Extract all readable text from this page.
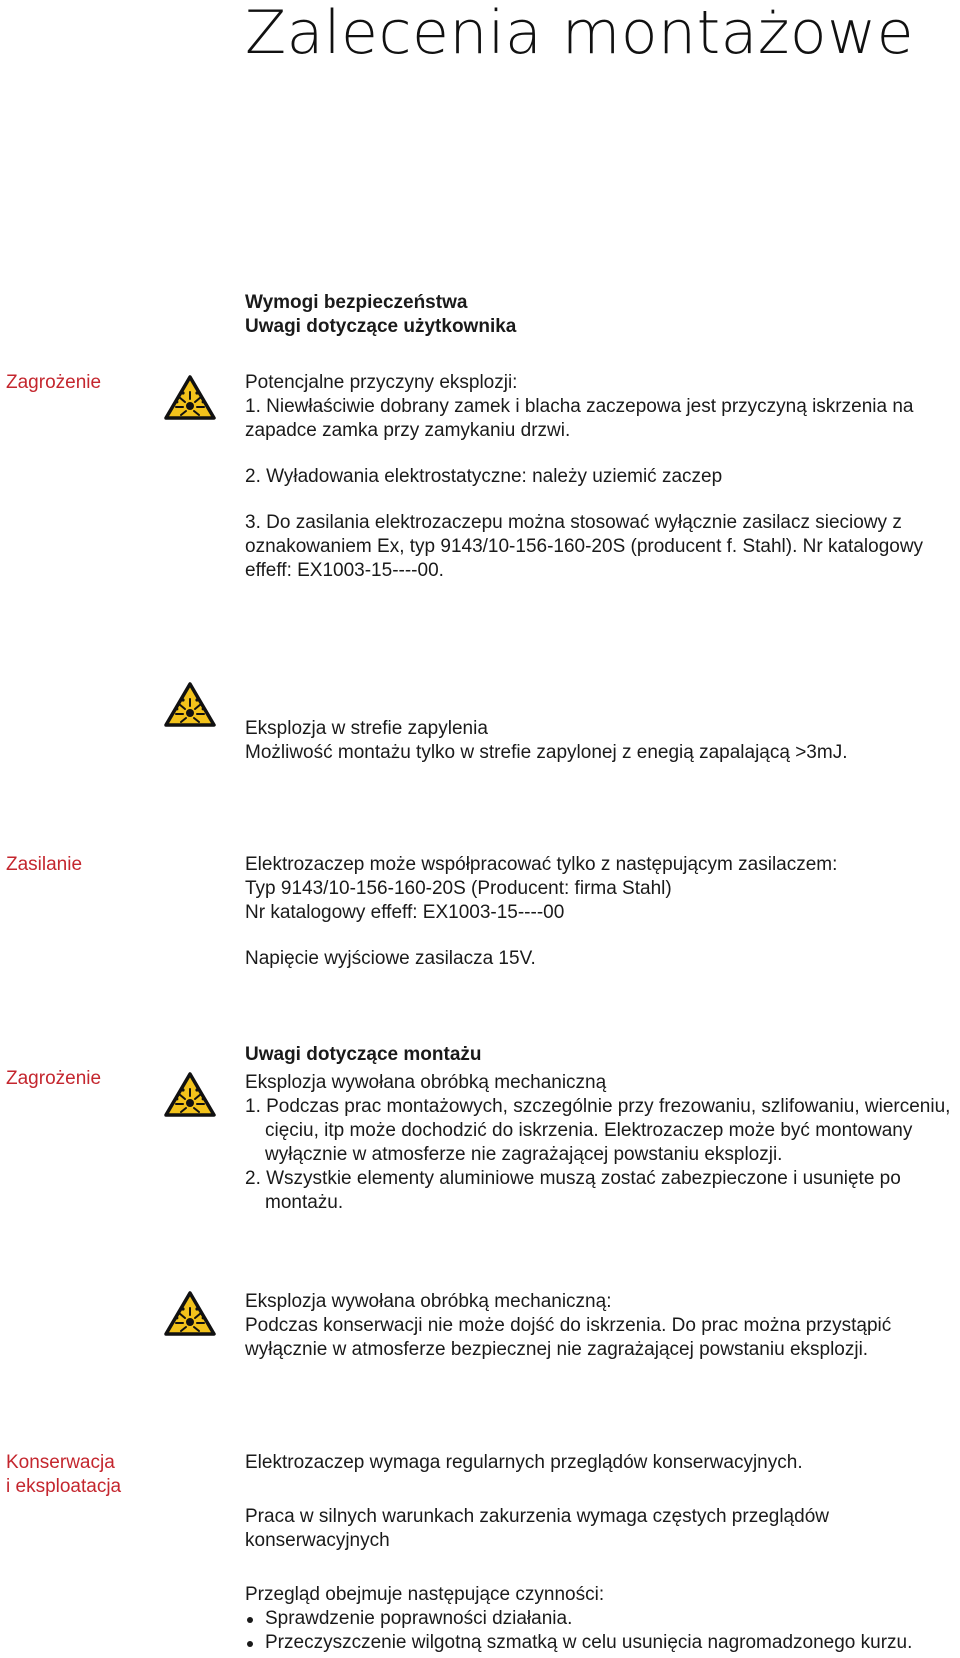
Zalecenia montażowe

Wymogi bezpieczeństwa

Uwagi dotyczące użytkownika

Zagrożenie	Potencjalne przyczyny eksplozji:

1. Niewłaściwie dobrany zamek i blacha zaczepowa jest przyczyną iskrzenia na zapadce zamka przy zamykaniu drzwi.

2. Wyładowania elektrostatyczne: należy uziemić zaczep

3. Do zasilania elektrozaczepu można stosować wyłącznie zasilacz sieciowy z oznakowaniem Ex, typ 9143/10-156-160-20S (producent f. Stahl). Nr katalogowy effeff: EX1003-15----00.

Eksplozja w strefie zapylenia

Możliwość montażu tylko w strefie zapylonej z enegią zapalającą >3mJ.

Zasilanie	Elektrozaczep może współpracować tylko z następującym zasilaczem:

Typ 9143/10-156-160-20S (Producent: firma Stahl)

Nr katalogowy effeff: EX1003-15----00

Napięcie wyjściowe zasilacza 15V.

Zagrożenie

Uwagi dotyczące montażu

Eksplozja wywołana obróbką mechaniczną

1. Podczas prac montażowych, szczególnie przy frezowaniu, szlifowaniu, wierceniu, cięciu, itp może dochodzić do iskrzenia. Elektrozaczep może być montowany wyłącznie w atmosferze nie zagrażającej powstaniu eksplozji.

2. Wszystkie elementy aluminiowe muszą zostać zabezpieczone i usunięte po montażu.

Eksplozja wywołana obróbką mechaniczną:

Podczas konserwacji nie może dojść do iskrzenia. Do prac można przystąpić wyłącznie w atmosferze bezpiecznej nie zagrażającej powstaniu eksplozji.

Konserwacja
i eksploatacja

Elektrozaczep wymaga regularnych przeglądów konserwacyjnych.

Praca w silnych warunkach zakurzenia wymaga częstych przeglądów konserwacyjnych

Przegląd obejmuje następujące czynności:

Sprawdzenie poprawności działania.

Przeczyszczenie wilgotną szmatką w celu usunięcia nagromadzonego kurzu.
